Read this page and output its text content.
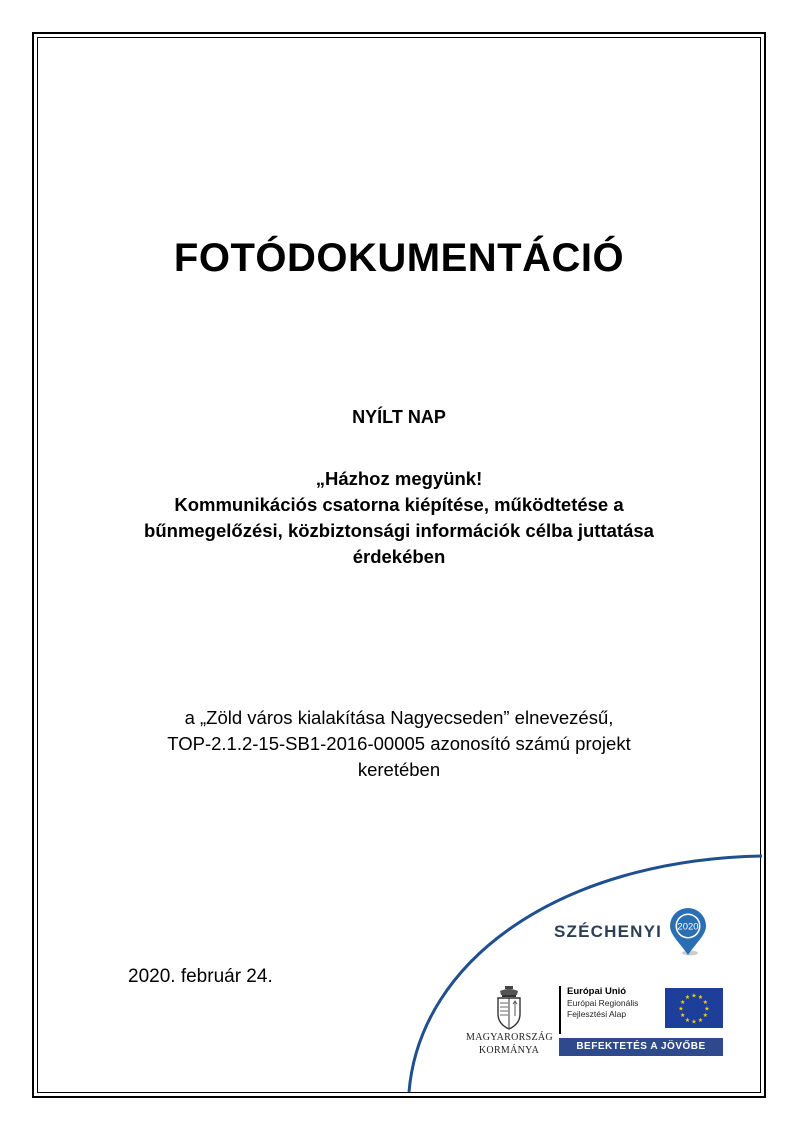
FOTÓDOKUMENTÁCIÓ
NYÍLT NAP
„Házhoz megyünk!
Kommunikációs csatorna kiépítése, működtetése a
bűnmegelőzési, közbiztonsági információk célba juttatása
érdekében
a „Zöld város kialakítása Nagyecseden” elnevezésű,
TOP-2.1.2-15-SB1-2016-00005 azonosító számú projekt
keretében
2020. február 24.
SZÉCHENYI 2020
MAGYARORSZÁG
KORMÁNYA
Európai Unió
Európai Regionális
Fejlesztési Alap
★ ★
★
★
★
★
★
★
★
★
★
★
BEFEKTETÉS A JÖVŐBE
